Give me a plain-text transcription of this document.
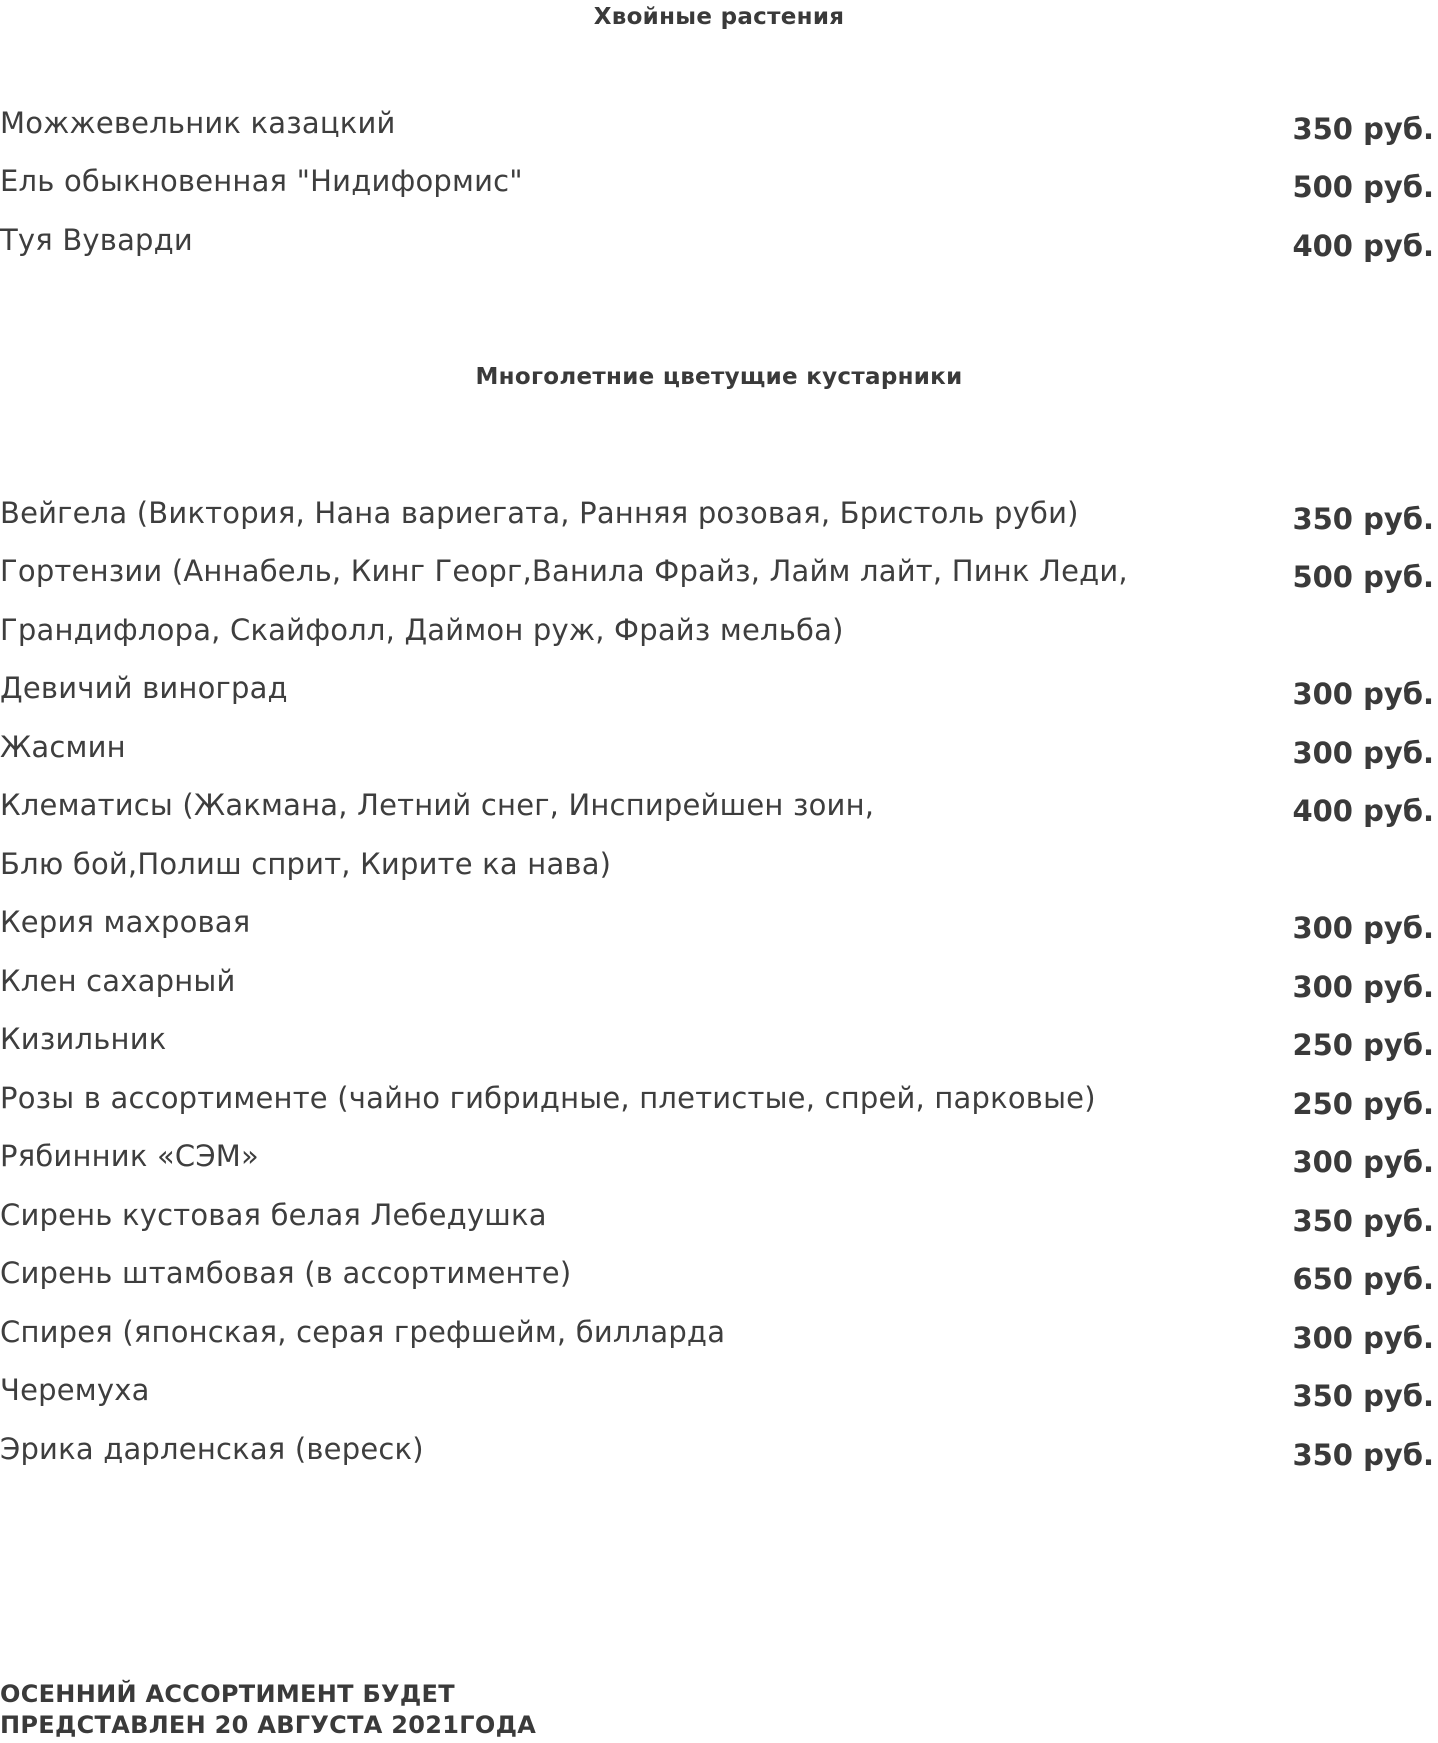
Хвойные растения
Можжевельник казацкий	350 руб.
Ель обыкновенная "Нидиформис"	500 руб.
Туя Вуварди	400 руб.
Многолетние цветущие кустарники
Вейгела (Виктория, Нана вариегата, Ранняя розовая, Бристоль руби)	350 руб.
Гортензии (Аннабель, Кинг Георг,Ванила Фрайз, Лайм лайт, Пинк Леди,	500 руб.
Грандифлора, Скайфолл, Даймон руж, Фрайз мельба)
Девичий виноград	300 руб.
Жасмин	300 руб.
Клематисы (Жакмана, Летний снег, Инспирейшен зоин,	400 руб.
Блю бой,Полиш сприт, Кирите ка нава)
Керия махровая	300 руб.
Клен сахарный	300 руб.
Кизильник	250 руб.
Розы в ассортименте (чайно гибридные, плетистые, спрей, парковые)	250 руб.
Рябинник «СЭМ»	300 руб.
Сирень кустовая белая Лебедушка	350 руб.
Сирень штамбовая (в ассортименте)	650 руб.
Спирея (японская, серая грефшейм, билларда	300 руб.
Черемуха	350 руб.
Эрика дарленская (вереск)	350 руб.
ОСЕННИЙ АССОРТИМЕНТ БУДЕТ
ПРЕДСТАВЛЕН 20 АВГУСТА 2021ГОДА
